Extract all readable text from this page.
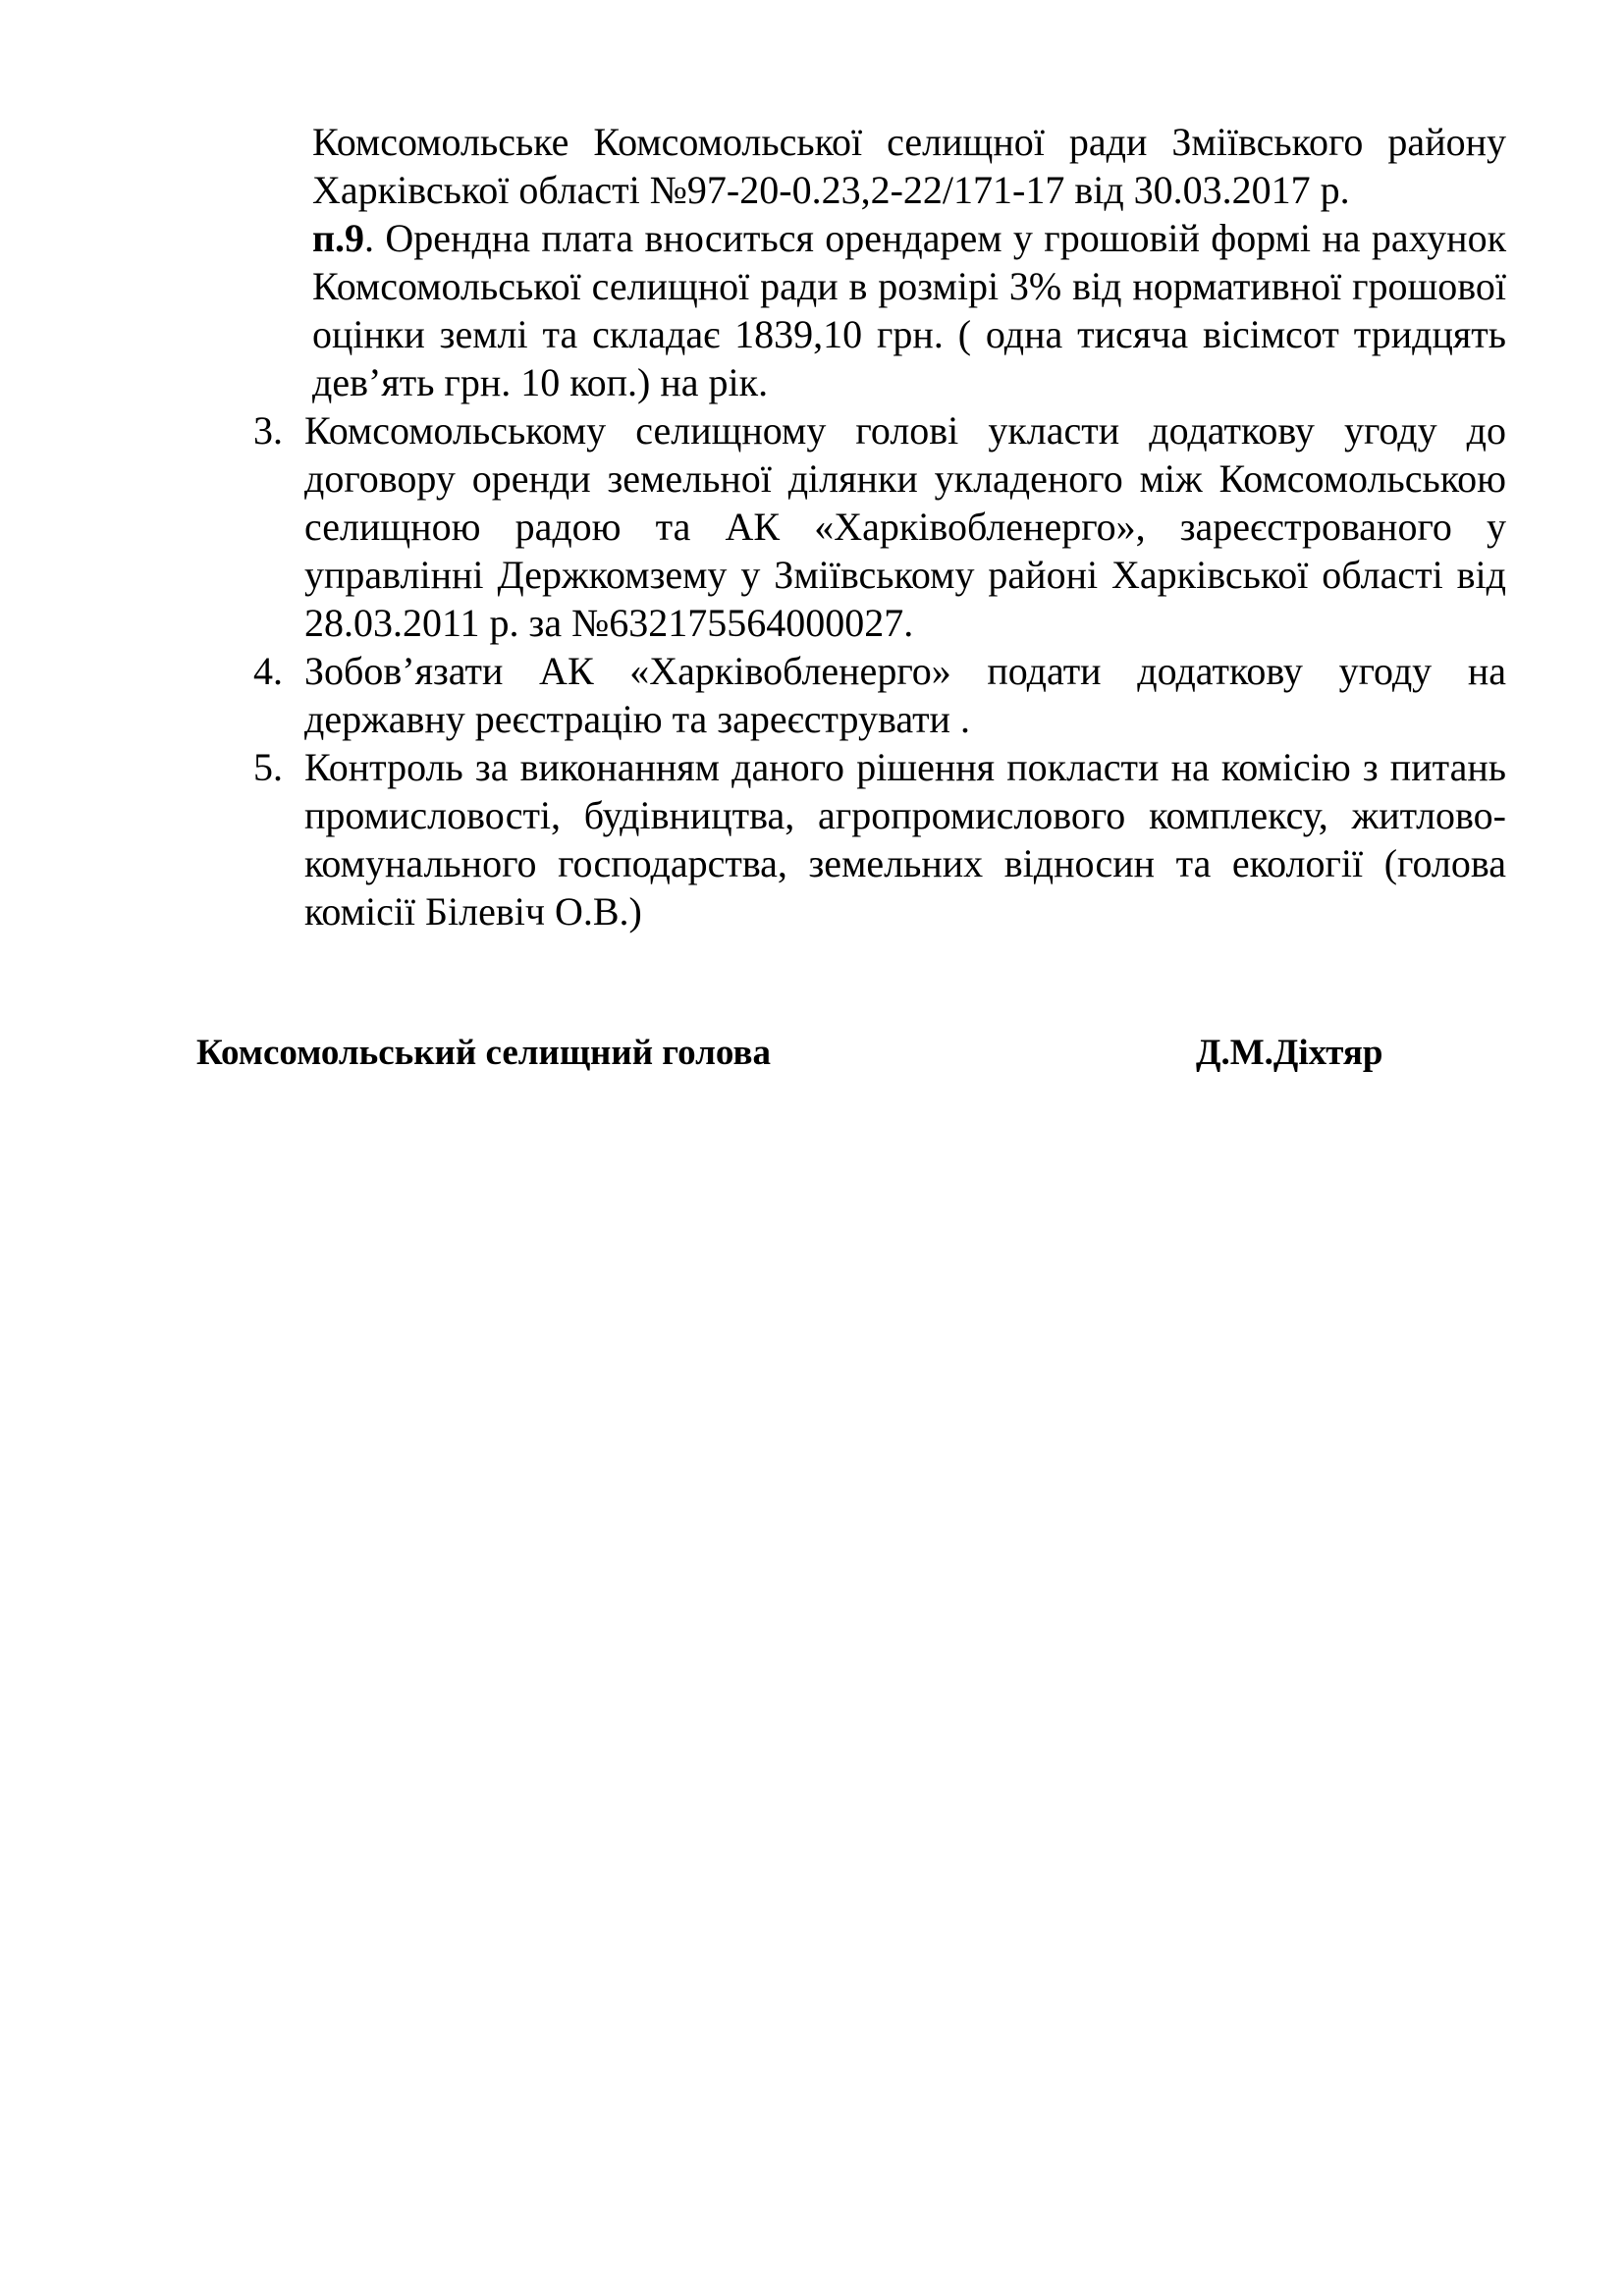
Комсомольське Комсомольської селищної ради Зміївського району
Харківської області №97-20-0.23,2-22/171-17 від 30.03.2017 р.
п.9 . Орендна плата вноситься орендарем у грошовій формі на рахунок
Комсомольської селищної ради в розмірі 3% від нормативної грошової
оцінки землі та складає 1839,10 грн. ( одна тисяча вісімсот тридцять
дев’ять грн. 10 коп.) на рік.
3. Комсомольському селищному голові укласти додаткову угоду до
договору оренди земельної ділянки укладеного між Комсомольською
селищною радою та АК «Харківобленерго», зареєстрованого у
управлінні Держкомзему у Зміївському районі Харківської області від
28.03.2011 р. за №632175564000027.
4. Зобов’язати АК «Харківобленерго» подати додаткову угоду на
державну реєстрацію та зареєструвати .
5. Контроль за виконанням даного рішення покласти на комісію з питань
промисловості, будівництва, агропромислового комплексу, житлово-
комунального господарства, земельних відносин та екології (голова
комісії Білевіч О.В.)
Комсомольський селищний голова	Д.М.Діхтяр
